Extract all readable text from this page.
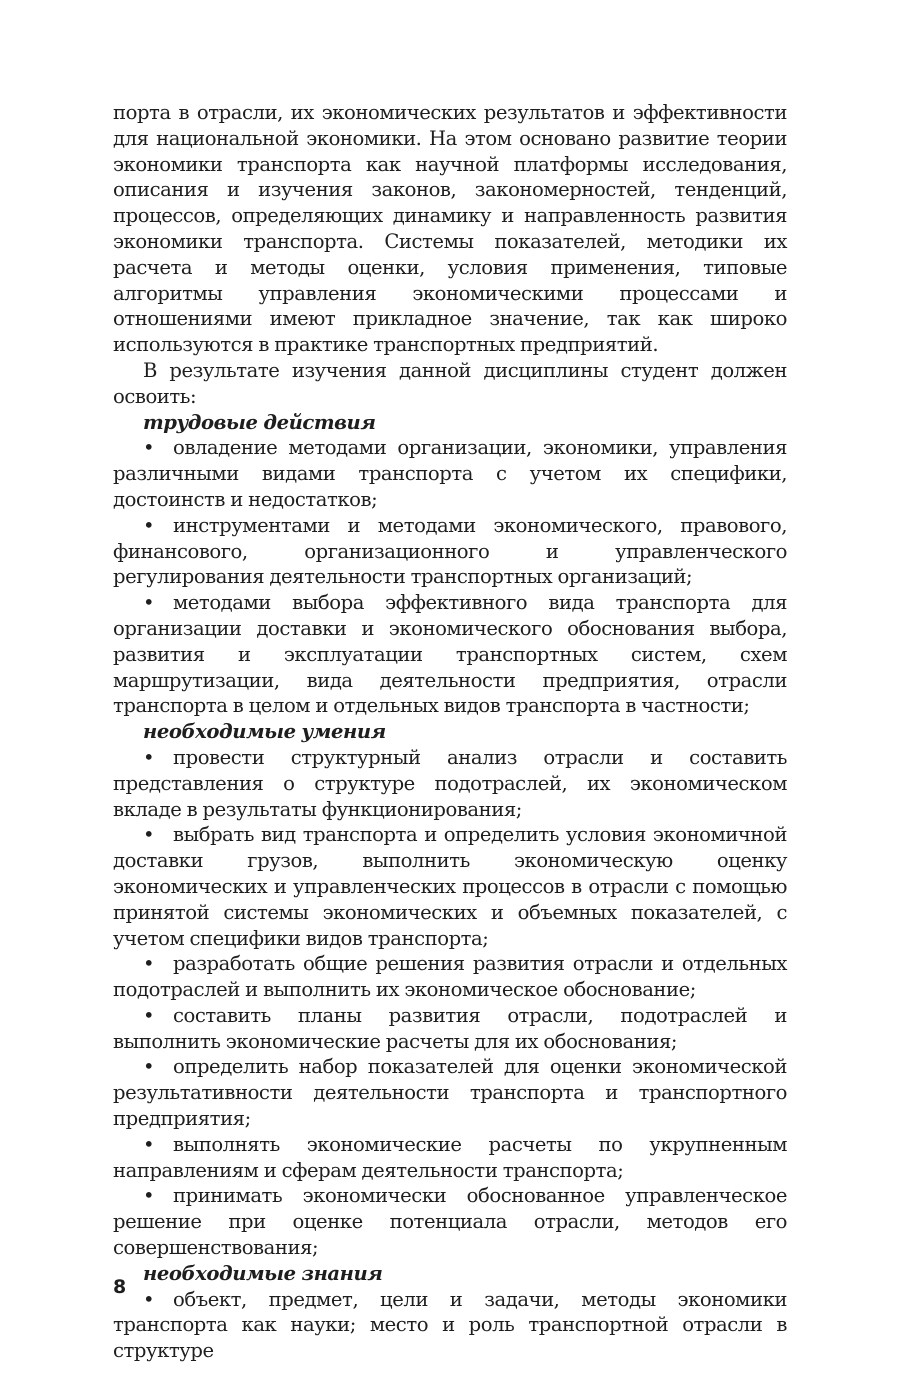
порта в отрасли, их экономических результатов и эффективности для национальной экономики. На этом основано развитие теории экономики транспорта как научной платформы исследования, описания и изучения законов, закономерностей, тенденций, процессов, определяющих динамику и направленность развития экономики транспорта. Системы показателей, методики их расчета и методы оценки, условия применения, типовые алгоритмы управления экономическими процессами и отношениями имеют прикладное значение, так как широко используются в практике транспортных предприятий.

В результате изучения данной дисциплины студент должен освоить:

трудовые действия

• овладение методами организации, экономики, управления различными видами транспорта с учетом их специфики, достоинств и недостатков;

• инструментами и методами экономического, правового, финансового, организационного и управленческого регулирования деятельности транспортных организаций;

• методами выбора эффективного вида транспорта для организации доставки и экономического обоснования выбора, развития и эксплуатации транспортных систем, схем маршрутизации, вида деятельности предприятия, отрасли транспорта в целом и отдельных видов транспорта в частности;

необходимые умения

• провести структурный анализ отрасли и составить представления о структуре подотраслей, их экономическом вкладе в результаты функционирования;

• выбрать вид транспорта и определить условия экономичной доставки грузов, выполнить экономическую оценку экономических и управленческих процессов в отрасли с помощью принятой системы экономических и объемных показателей, с учетом специфики видов транспорта;

• разработать общие решения развития отрасли и отдельных подотраслей и выполнить их экономическое обоснование;

• составить планы развития отрасли, подотраслей и выполнить экономические расчеты для их обоснования;

• определить набор показателей для оценки экономической результативности деятельности транспорта и транспортного предприятия;

• выполнять экономические расчеты по укрупненным направлениям и сферам деятельности транспорта;

• принимать экономически обоснованное управленческое решение при оценке потенциала отрасли, методов его совершенствования;

необходимые знания

• объект, предмет, цели и задачи, методы экономики транспорта как науки; место и роль транспортной отрасли в структуре

8
